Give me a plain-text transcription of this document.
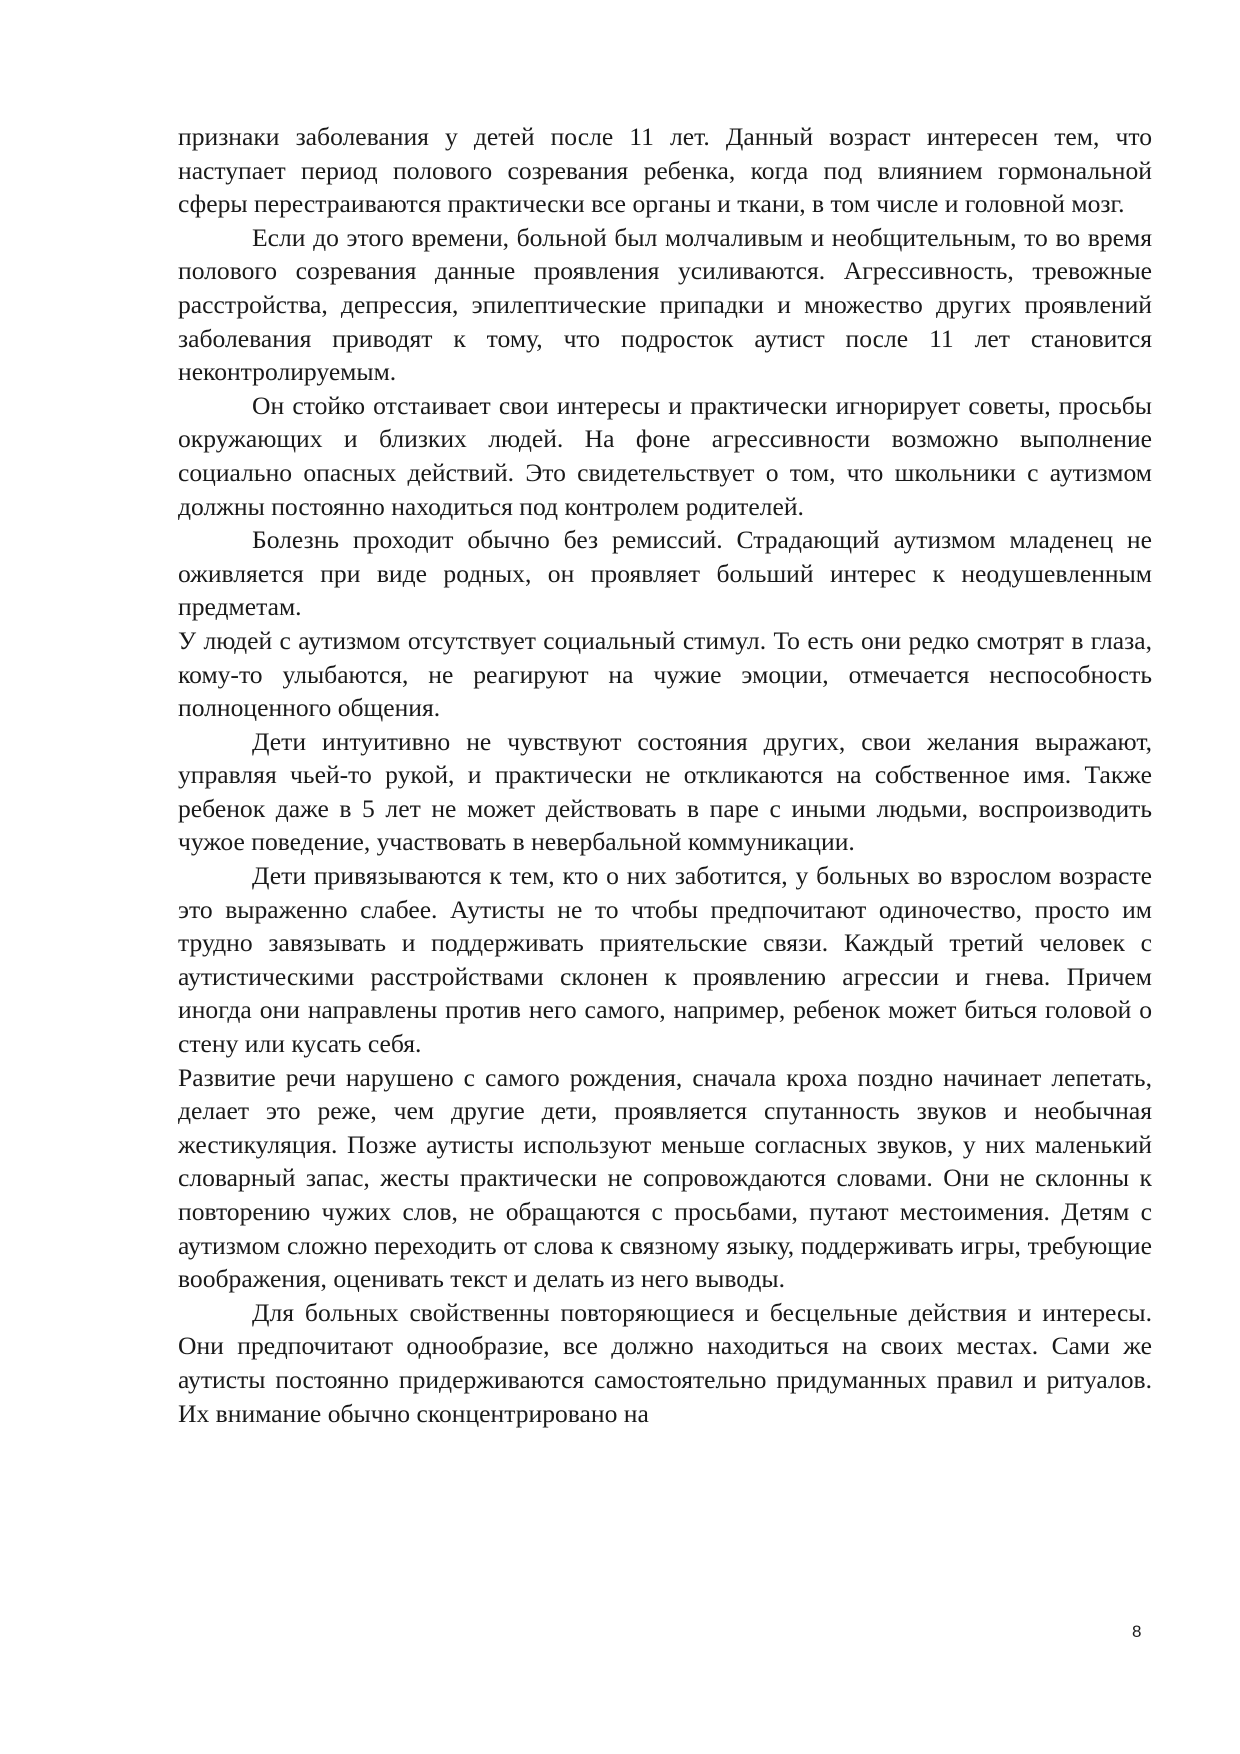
признаки заболевания у детей после 11 лет. Данный возраст интересен тем, что наступает период полового созревания ребенка, когда под влиянием гормональной сферы перестраиваются практически все органы и ткани, в том числе и головной мозг.

Если до этого времени, больной был молчаливым и необщительным, то во время полового созревания данные проявления усиливаются. Агрессивность, тревожные расстройства, депрессия, эпилептические припадки и множество других проявлений заболевания приводят к тому, что подросток аутист после 11 лет становится неконтролируемым.

Он стойко отстаивает свои интересы и практически игнорирует советы, просьбы окружающих и близких людей. На фоне агрессивности возможно выполнение социально опасных действий. Это свидетельствует о том, что школьники с аутизмом должны постоянно находиться под контролем родителей.

Болезнь проходит обычно без ремиссий. Страдающий аутизмом младенец не оживляется при виде родных, он проявляет больший интерес к неодушевленным предметам.

У людей с аутизмом отсутствует социальный стимул. То есть они редко смотрят в глаза, кому-то улыбаются, не реагируют на чужие эмоции, отмечается неспособность полноценного общения.

Дети интуитивно не чувствуют состояния других, свои желания выражают, управляя чьей-то рукой, и практически не откликаются на собственное имя. Также ребенок даже в 5 лет не может действовать в паре с иными людьми, воспроизводить чужое поведение, участвовать в невербальной коммуникации.

Дети привязываются к тем, кто о них заботится, у больных во взрослом возрасте это выраженно слабее. Аутисты не то чтобы предпочитают одиночество, просто им трудно завязывать и поддерживать приятельские связи. Каждый третий человек с аутистическими расстройствами склонен к проявлению агрессии и гнева. Причем иногда они направлены против него самого, например, ребенок может биться головой о стену или кусать себя.

Развитие речи нарушено с самого рождения, сначала кроха поздно начинает лепетать, делает это реже, чем другие дети, проявляется спутанность звуков и необычная жестикуляция. Позже аутисты используют меньше согласных звуков, у них маленький словарный запас, жесты практически не сопровождаются словами. Они не склонны к повторению чужих слов, не обращаются с просьбами, путают местоимения. Детям с аутизмом сложно переходить от слова к связному языку, поддерживать игры, требующие воображения, оценивать текст и делать из него выводы.

Для больных свойственны повторяющиеся и бесцельные действия и интересы. Они предпочитают однообразие, все должно находиться на своих местах. Сами же аутисты постоянно придерживаются самостоятельно придуманных правил и ритуалов. Их внимание обычно сконцентрировано на

8
